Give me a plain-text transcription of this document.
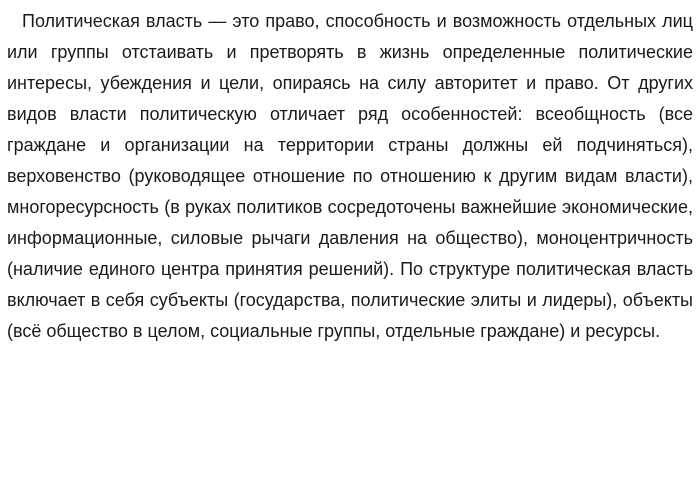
Политическая власть — это право, способность и возможность отдельных лиц или группы отстаивать и претворять в жизнь определенные политические интересы, убеждения и цели, опираясь на силу авторитет и право. От других видов власти политическую отличает ряд особенностей: всеобщность (все граждане и организации на территории страны должны ей подчиняться), верховенство (руководящее отношение по отношению к другим видам власти), многоресурсность (в руках политиков сосредоточены важнейшие экономические, информационные, силовые рычаги давления на общество), моноцентричность (наличие единого центра принятия решений). По структуре политическая власть включает в себя субъекты (государства, политические элиты и лидеры), объекты (всё общество в целом, социальные группы, отдельные граждане) и ресурсы.
